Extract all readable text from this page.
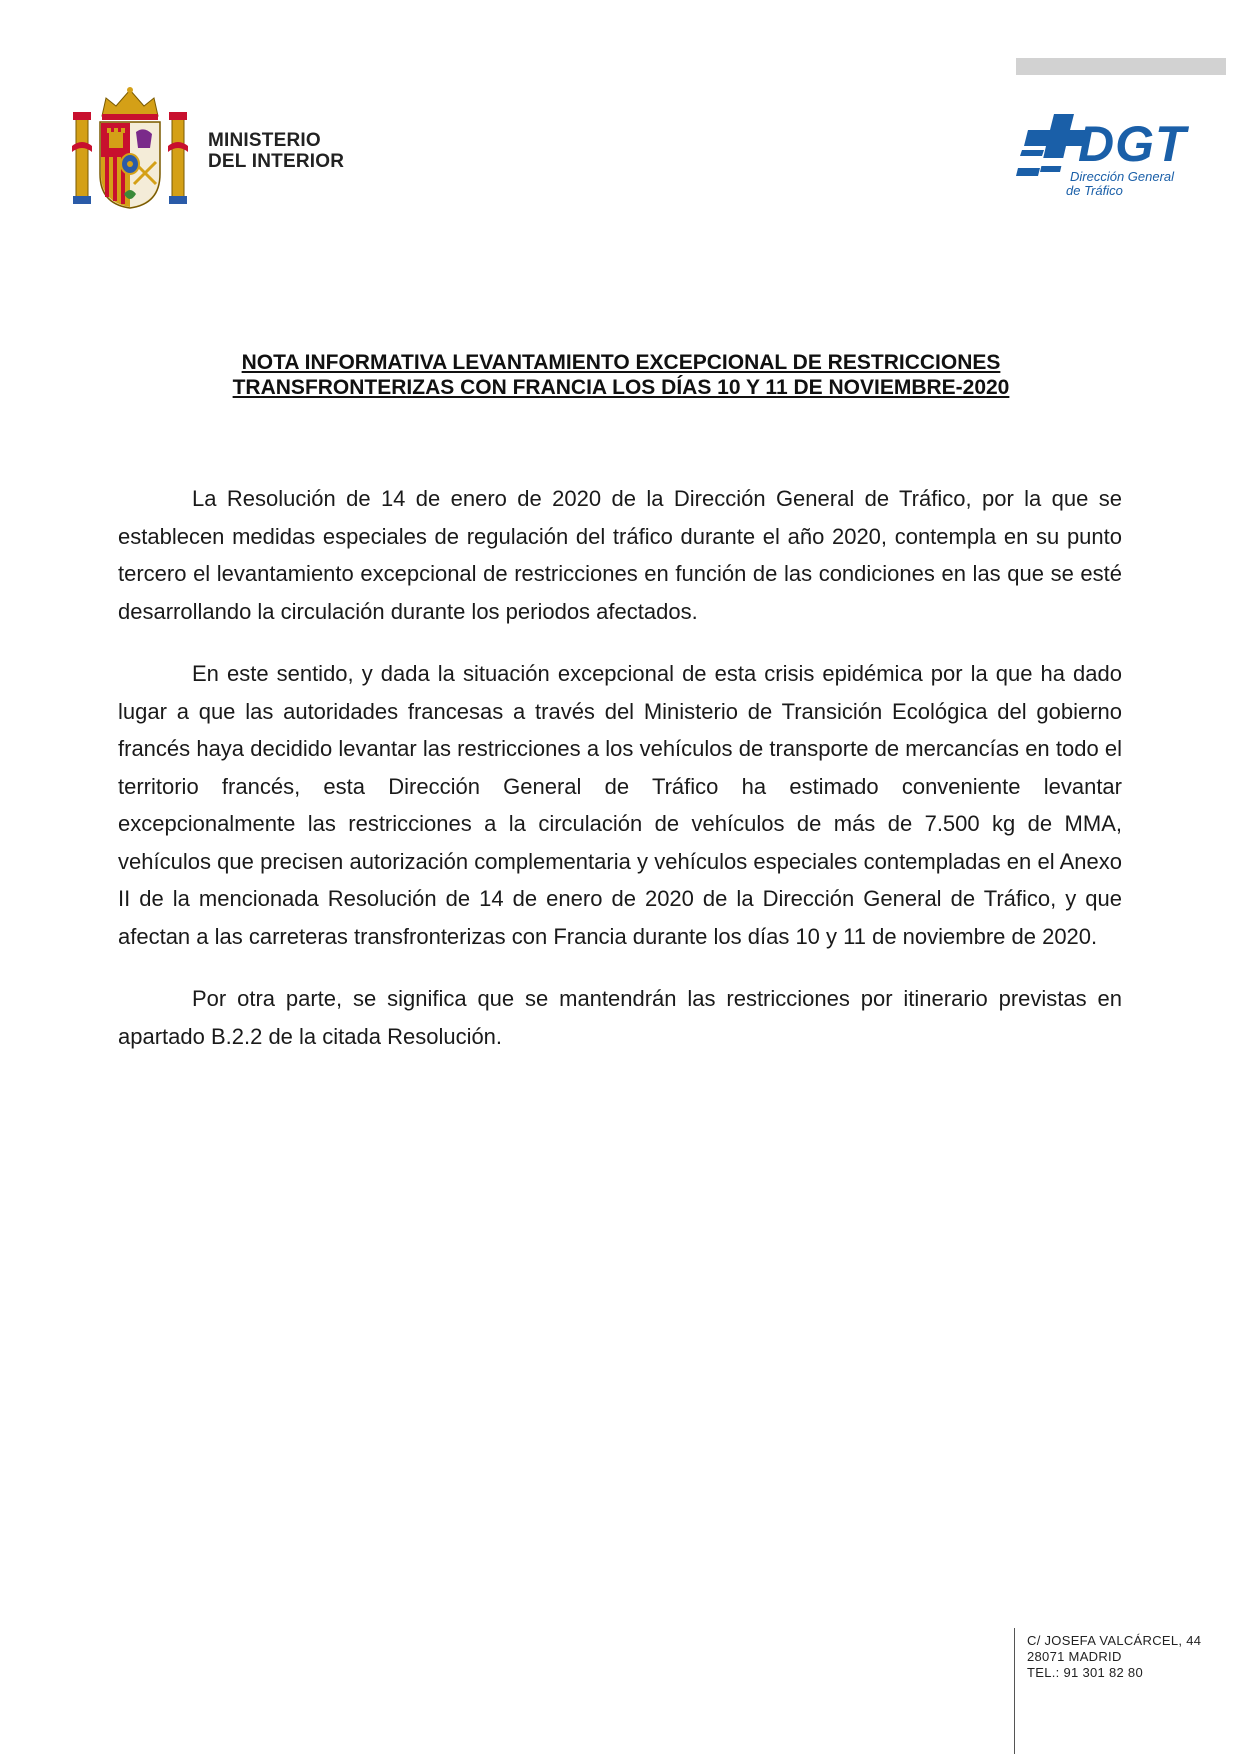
MINISTERIO
DEL INTERIOR	DGT
Dirección General
de Tráfico
NOTA INFORMATIVA LEVANTAMIENTO EXCEPCIONAL DE RESTRICCIONES
TRANSFRONTERIZAS CON FRANCIA LOS DÍAS 10 Y 11 DE NOVIEMBRE-2020

La Resolución de 14 de enero de 2020 de la Dirección General de Tráfico, por la que se establecen medidas especiales de regulación del tráfico durante el año 2020, contempla en su punto tercero el levantamiento excepcional de restricciones en función de las condiciones en las que se esté desarrollando la circulación durante los periodos afectados.

En este sentido, y dada la situación excepcional de esta crisis epidémica por la que ha dado lugar a que las autoridades francesas a través del Ministerio de Transición Ecológica del gobierno francés haya decidido levantar las restricciones a los vehículos de transporte de mercancías en todo el territorio francés, esta Dirección General de Tráfico ha estimado conveniente levantar excepcionalmente las restricciones a la circulación de vehículos de más de 7.500 kg de MMA, vehículos que precisen autorización complementaria y vehículos especiales contempladas en el Anexo II de la mencionada Resolución de 14 de enero de 2020 de la Dirección General de Tráfico, y que afectan a las carreteras transfronterizas con Francia durante los días 10 y 11 de noviembre de 2020.

Por otra parte, se significa que se mantendrán las restricciones por itinerario previstas en apartado B.2.2 de la citada Resolución.

C/ JOSEFA VALCÁRCEL, 44
28071 MADRID
TEL.: 91 301 82 80
